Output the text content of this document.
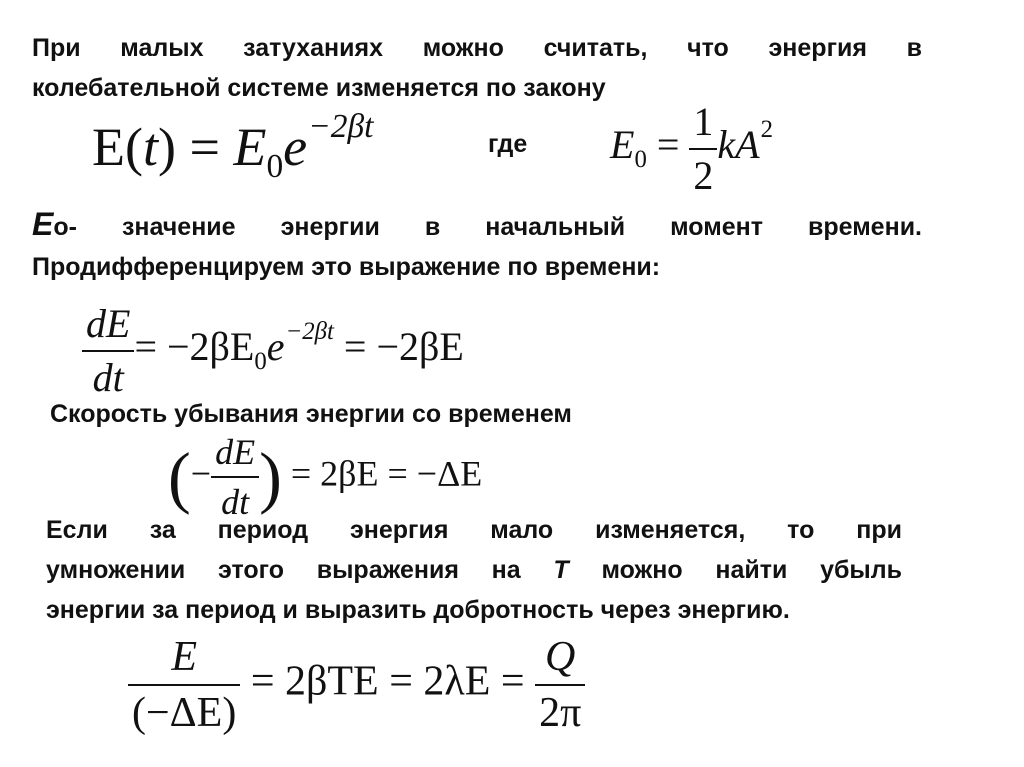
При малых затуханиях можно считать, что энергия в
колебательной системе изменяется по закону
$E(t) = E_0e^{-2\beta t}$	где $E_0 = \frac{1}{2} kA^2$
Eо- значение энергии в начальный момент времени.
Продифференцируем это выражение по времени:
$\frac{dE}{dt} = -2\beta E_0e^{-2\beta t} = -2\beta E$
Скорость убывания энергии со временем
(− $\frac{dE}{dt}$ ) = 2βE = −ΔE
Если за период энергия мало изменяется, то при
умножении этого выражения на Т можно найти убыль
энергии за период и выразить добротность через энергию.
$\frac{E}{(-\Delta E)} = 2\beta TE = 2\lambda E = \frac{Q}{2\pi}$
